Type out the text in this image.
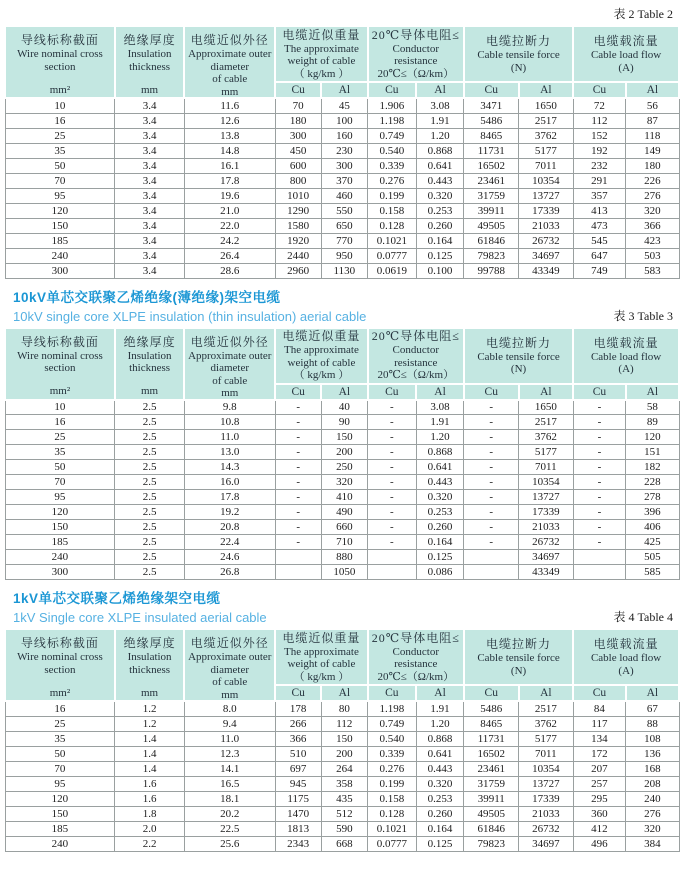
表 2 Table 2
导线标称截面
Wire nominal cross
section
mm²

绝缘厚度
Insulation
thickness
mm

电缆近似外径
Approximate outer
diameter
of cable
mm

电缆近似重量
The approximate
weight of cable
（ kg/km ）

20℃导体电阻≤
Conductor
resistance
20℃≤（Ω/km）

电缆拉断力
Cable tensile force
(N)

电缆载流量
Cable load flow
(A)

			Cu	Al	Cu	Al	Cu	Al	Cu	Al
10	3.4	11.6	70	45	1.906	3.08	3471	1650	72	56
16	3.4	12.6	180	100	1.198	1.91	5486	2517	112	87
25	3.4	13.8	300	160	0.749	1.20	8465	3762	152	118
35	3.4	14.8	450	230	0.540	0.868	11731	5177	192	149
50	3.4	16.1	600	300	0.339	0.641	16502	7011	232	180
70	3.4	17.8	800	370	0.276	0.443	23461	10354	291	226
95	3.4	19.6	1010	460	0.199	0.320	31759	13727	357	276
120	3.4	21.0	1290	550	0.158	0.253	39911	17339	413	320
150	3.4	22.0	1580	650	0.128	0.260	49505	21033	473	366
185	3.4	24.2	1920	770	0.1021	0.164	61846	26732	545	423
240	3.4	26.4	2440	950	0.0777	0.125	79823	34697	647	503
300	3.4	28.6	2960	1130	0.0619	0.100	99788	43349	749	583
10kV单芯交联聚乙烯绝缘(薄绝缘)架空电缆
10kV single core XLPE insulation (thin insulation) aerial cable	表 3 Table 3
导线标称截面
Wire nominal cross
section
mm²

绝缘厚度
Insulation
thickness
mm

电缆近似外径
Approximate outer
diameter
of cable
mm

电缆近似重量
The approximate
weight of cable
（ kg/km ）

20℃导体电阻≤
Conductor
resistance
20℃≤（Ω/km）

电缆拉断力
Cable tensile force
(N)

电缆载流量
Cable load flow
(A)

			Cu	Al	Cu	Al	Cu	Al	Cu	Al
10	2.5	9.8	-	40	-	3.08	-	1650	-	58
16	2.5	10.8	-	90	-	1.91	-	2517	-	89
25	2.5	11.0	-	150	-	1.20	-	3762	-	120
35	2.5	13.0	-	200	-	0.868	-	5177	-	151
50	2.5	14.3	-	250	-	0.641	-	7011	-	182
70	2.5	16.0	-	320	-	0.443	-	10354	-	228
95	2.5	17.8	-	410	-	0.320	-	13727	-	278
120	2.5	19.2	-	490	-	0.253	-	17339	-	396
150	2.5	20.8	-	660	-	0.260	-	21033	-	406
185	2.5	22.4	-	710	-	0.164	-	26732	-	425
240	2.5	24.6		880		0.125		34697		505
300	2.5	26.8		1050		0.086		43349		585
1kV单芯交联聚乙烯绝缘架空电缆
1kV Single core XLPE insulated aerial cable	表 4 Table 4
导线标称截面
Wire nominal cross
section
mm²

绝缘厚度
Insulation
thickness
mm

电缆近似外径
Approximate outer
diameter
of cable
mm

电缆近似重量
The approximate
weight of cable
（ kg/km ）

20℃导体电阻≤
Conductor
resistance
20℃≤（Ω/km）

电缆拉断力
Cable tensile force
(N)

电缆载流量
Cable load flow
(A)

			Cu	Al	Cu	Al	Cu	Al	Cu	Al
16	1.2	8.0	178	80	1.198	1.91	5486	2517	84	67
25	1.2	9.4	266	112	0.749	1.20	8465	3762	117	88
35	1.4	11.0	366	150	0.540	0.868	11731	5177	134	108
50	1.4	12.3	510	200	0.339	0.641	16502	7011	172	136
70	1.4	14.1	697	264	0.276	0.443	23461	10354	207	168
95	1.6	16.5	945	358	0.199	0.320	31759	13727	257	208
120	1.6	18.1	1175	435	0.158	0.253	39911	17339	295	240
150	1.8	20.2	1470	512	0.128	0.260	49505	21033	360	276
185	2.0	22.5	1813	590	0.1021	0.164	61846	26732	412	320
240	2.2	25.6	2343	668	0.0777	0.125	79823	34697	496	384
